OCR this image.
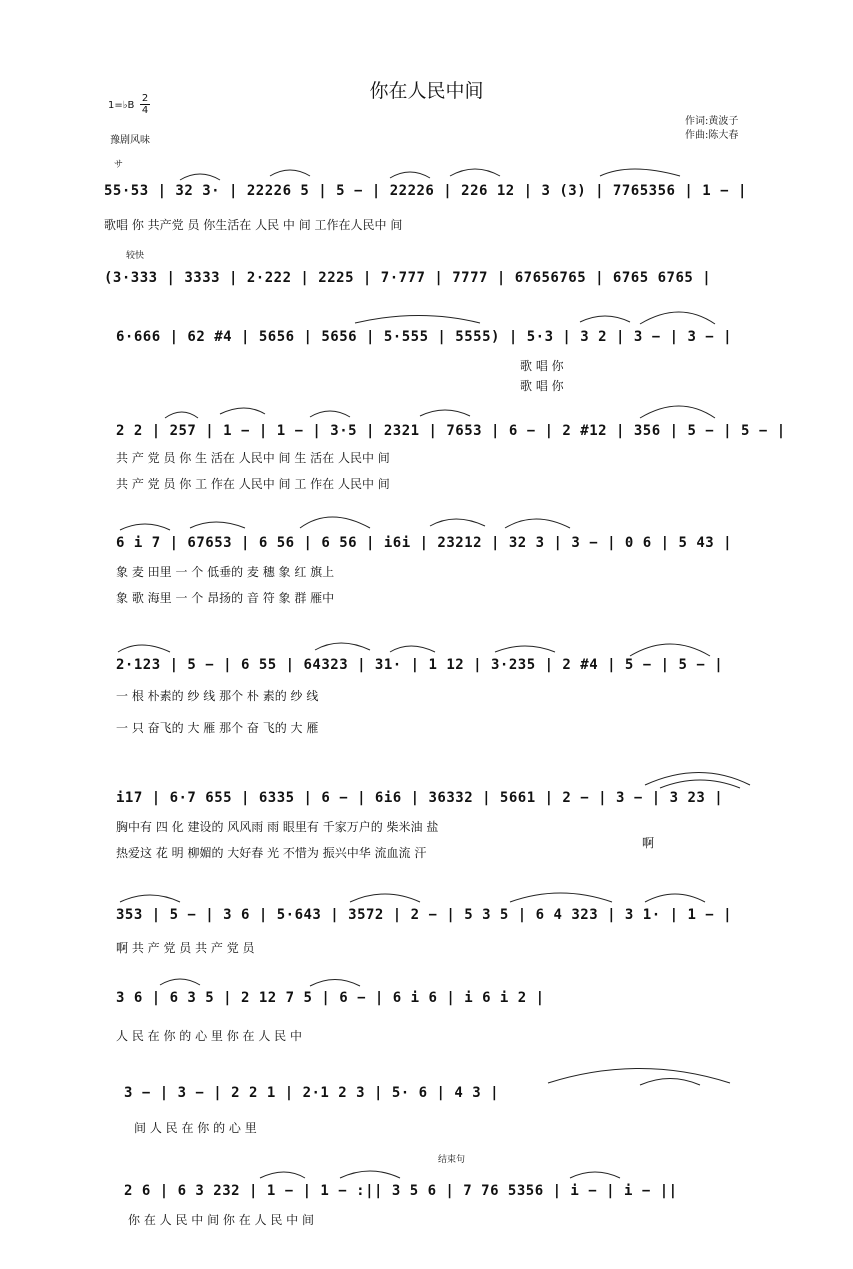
你在人民中间
1=♭B
2
4
豫剧风味
作词:黄波子
作曲:陈大春
サ
较快
结束句
55·53 | 32 3· | 22226 5 | 5 − | 22226 | 226 12 | 3 (3) | 7765356 | 1 − |
歌唱 你 共产党 员 你生活在 人民 中 间 工作在人民中 间
(3·333 | 3333 | 2·222 | 2225 | 7·777 | 7777 | 67656765 | 6765 6765 |
6·666 | 62 #4 | 5656 | 5656 | 5·555 | 5555) | 5·3 | 3 2 | 3 − | 3 − |
歌 唱 你
歌 唱 你
2 2 | 257 | 1 − | 1 − | 3·5 | 2321 | 7653 | 6 − | 2 #12 | 356 | 5 − | 5 − |
共 产 党 员 你 生 活在 人民中 间 生 活在 人民中 间
共 产 党 员 你 工 作在 人民中 间 工 作在 人民中 间
6 i 7 | 67653 | 6 56 | 6 56 | i6i | 23212 | 32 3 | 3 − | 0 6 | 5 43 |
象 麦 田里 一 个 低垂的 麦 穗 象 红 旗上
象 歌 海里 一 个 昂扬的 音 符 象 群 雁中
2·123 | 5 − | 6 55 | 64323 | 31· | 1 12 | 3·235 | 2 #4 | 5 − | 5 − |
一 根 朴素的 纱 线 那个 朴 素的 纱 线
一 只 奋飞的 大 雁 那个 奋 飞的 大 雁
i17 | 6·7 655 | 6335 | 6 − | 6i6 | 36332 | 5661 | 2 − | 3 − | 3 23 |
胸中有 四 化 建设的 风风雨 雨 眼里有 千家万户的 柴米油 盐
热爱这 花 明 柳媚的 大好春 光 不惜为 振兴中华 流血流 汗
啊
353 | 5 − | 3 6 | 5·643 | 3572 | 2 − | 5 3 5 | 6 4 323 | 3 1· | 1 − |
啊 共 产 党 员 共 产 党 员
3 6 | 6 3 5 | 2 12 7 5 | 6 − | 6 i 6 | i 6 i 2 |
人 民 在 你 的 心 里 你 在 人 民 中
3 − | 3 − | 2 2 1 | 2·1 2 3 | 5· 6 | 4 3 |
间 人 民 在 你 的 心 里
2 6 | 6 3 232 | 1 − | 1 − :|| 3 5 6 | 7 76 5356 | i − | i − ||
你 在 人 民 中 间 你 在 人 民 中 间
